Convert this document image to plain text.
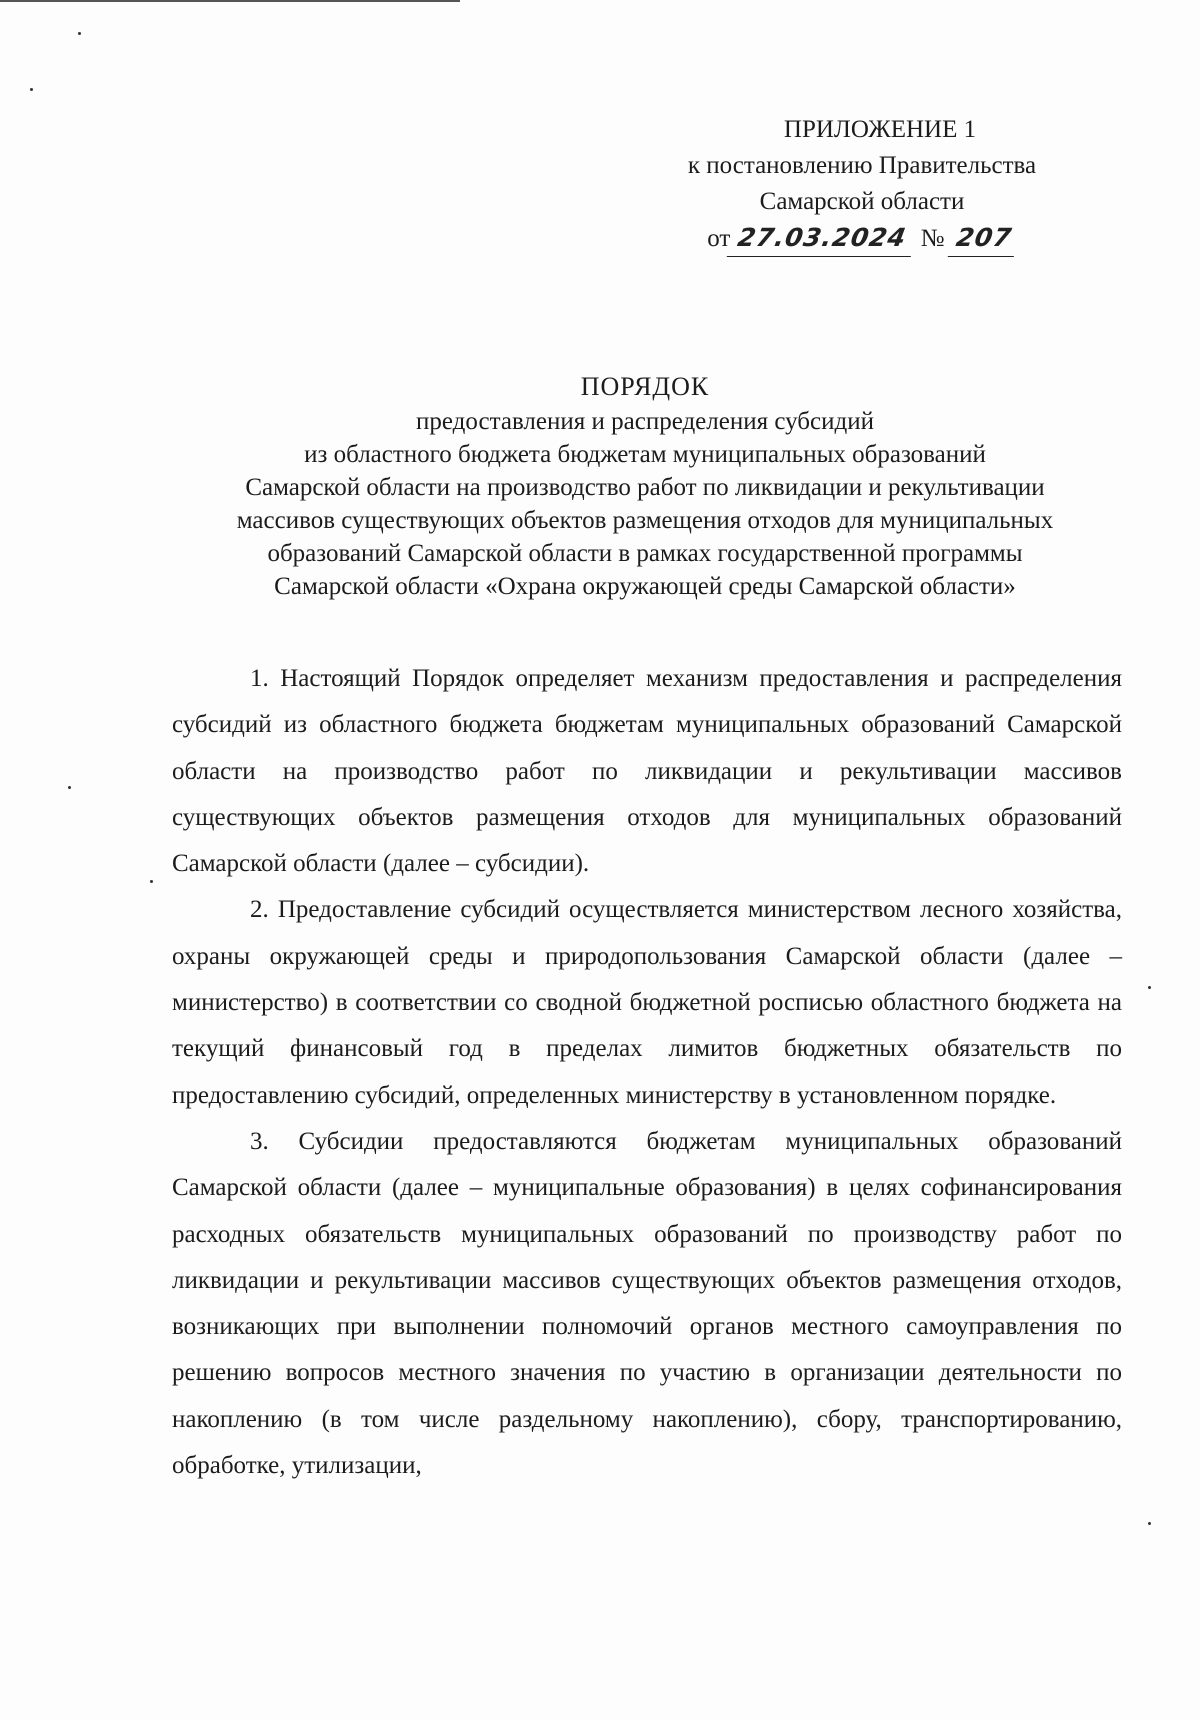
ПРИЛОЖЕНИЕ 1
к постановлению Правительства
Самарской области
от 27.03.2024 № 207
ПОРЯДОК
предоставления и распределения субсидий
из областного бюджета бюджетам муниципальных образований
Самарской области на производство работ по ликвидации и рекультивации
массивов существующих объектов размещения отходов для муниципальных
образований Самарской области в рамках государственной программы
Самарской области «Охрана окружающей среды Самарской области»

1. Настоящий Порядок определяет механизм предоставления и распределения субсидий из областного бюджета бюджетам муниципальных образований Самарской области на производство работ по ликвидации и рекультивации массивов существующих объектов размещения отходов для муниципальных образований Самарской области (далее – субсидии).

2. Предоставление субсидий осуществляется министерством лесного хозяйства, охраны окружающей среды и природопользования Самарской области (далее – министерство) в соответствии со сводной бюджетной росписью областного бюджета на текущий финансовый год в пределах лимитов бюджетных обязательств по предоставлению субсидий, определенных министерству в установленном порядке.

3. Субсидии предоставляются бюджетам муниципальных образований Самарской области (далее – муниципальные образования) в целях софинансирования расходных обязательств муниципальных образований по производству работ по ликвидации и рекультивации массивов существующих объектов размещения отходов, возникающих при выполнении полномочий органов местного самоуправления по решению вопросов местного значения по участию в организации деятельности по накоплению (в том числе раздельному накоплению), сбору, транспортированию, обработке, утилизации,
